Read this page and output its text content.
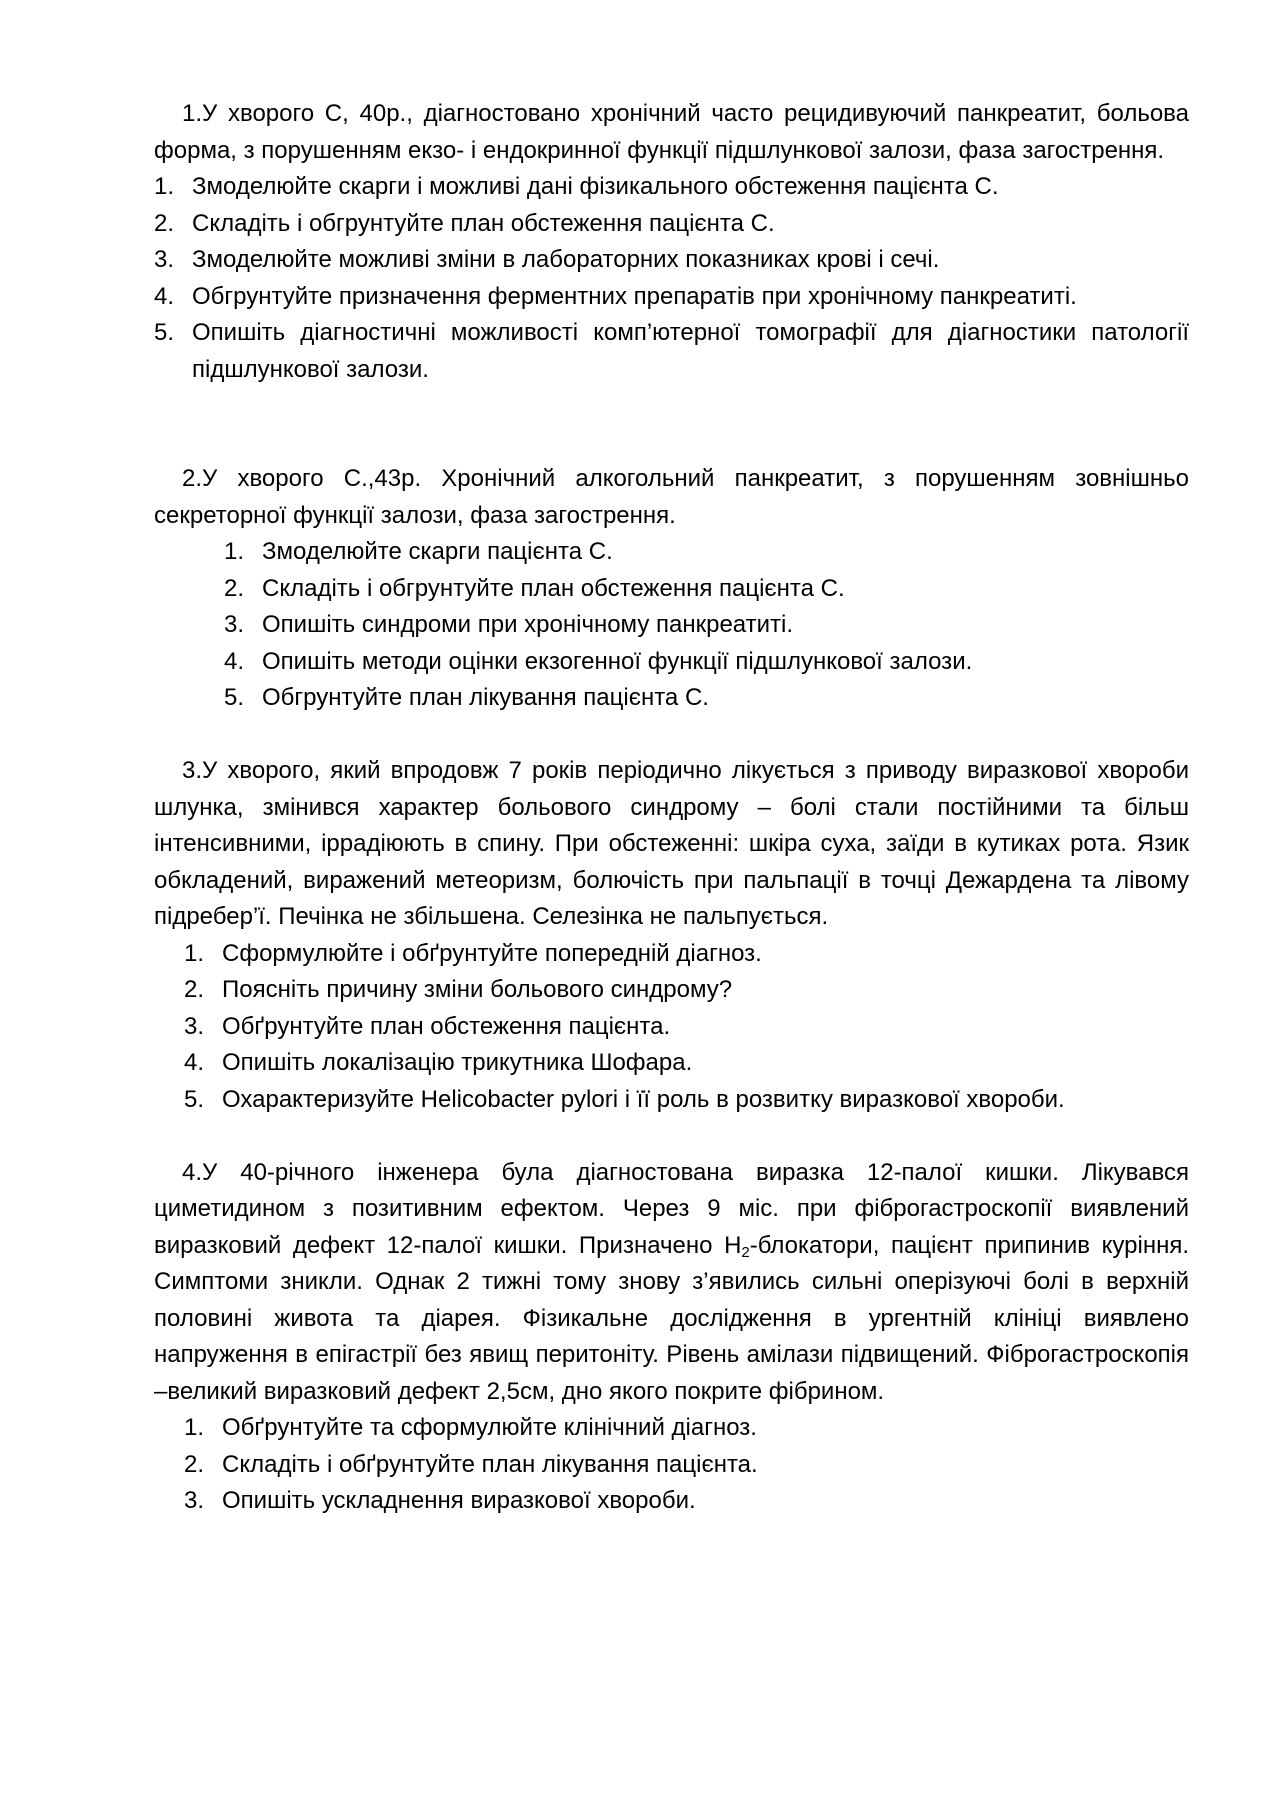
1.У хворого С, 40р., діагностовано хронічний часто рецидивуючий панкреатит, больова форма, з порушенням екзо- і ендокринної функції підшлункової залози, фаза загострення.

1. Змоделюйте скарги і можливі дані фізикального обстеження пацієнта С.
2. Складіть і обгрунтуйте план обстеження пацієнта С.
3. Змоделюйте можливі зміни в лабораторних показниках крові і сечі.
4. Обгрунтуйте призначення ферментних препаратів при хронічному панкреатиті.
5. Опишіть діагностичні можливості комп’ютерної томографії для діагностики патології підшлункової залози.

2.У хворого С.,43р. Хронічний алкогольний панкреатит, з порушенням зовнішньо секреторної функції залози, фаза загострення.

1. Змоделюйте скарги пацієнта С.
2. Складіть і обгрунтуйте план обстеження пацієнта С.
3. Опишіть синдроми при хронічному панкреатиті.
4. Опишіть методи оцінки екзогенної функції підшлункової залози.
5. Обгрунтуйте план лікування пацієнта С.

3.У хворого, який впродовж 7 років періодично лікується з приводу виразкової хвороби шлунка, змінився характер больового синдрому – болі стали постійними та більш інтенсивними, іррадіюють в спину. При обстеженні: шкіра суха, заїди в кутиках рота. Язик обкладений, виражений метеоризм, болючість при пальпації в точці Дежардена та лівому підребер’ї. Печінка не збільшена. Селезінка не пальпується.

1. Сформулюйте і обґрунтуйте попередній діагноз.
2. Поясніть причину зміни больового синдрому?
3. Обґрунтуйте план обстеження пацієнта.
4. Опишіть локалізацію трикутника Шофара.
5. Охарактеризуйте Helicobacter pylori і її роль в розвитку виразкової хвороби.

4.У 40-річного інженера була діагностована виразка 12-палої кишки. Лікувався циметидином з позитивним ефектом. Через 9 міс. при фіброгастроскопії виявлений виразковий дефект 12-палої кишки. Призначено $H_2$-блокатори, пацієнт припинив куріння. Симптоми зникли. Однак 2 тижні тому знову з’явились сильні оперізуючі болі в верхній половині живота та діарея. Фізикальне дослідження в ургентній клініці виявлено напруження в епігастрії без явищ перитоніту. Рівень амілази підвищений. Фіброгастроскопія –великий виразковий дефект 2,5см, дно якого покрите фібрином.

1. Обґрунтуйте та сформулюйте клінічний діагноз.
2. Складіть і обґрунтуйте план лікування пацієнта.
3. Опишіть ускладнення виразкової хвороби.
